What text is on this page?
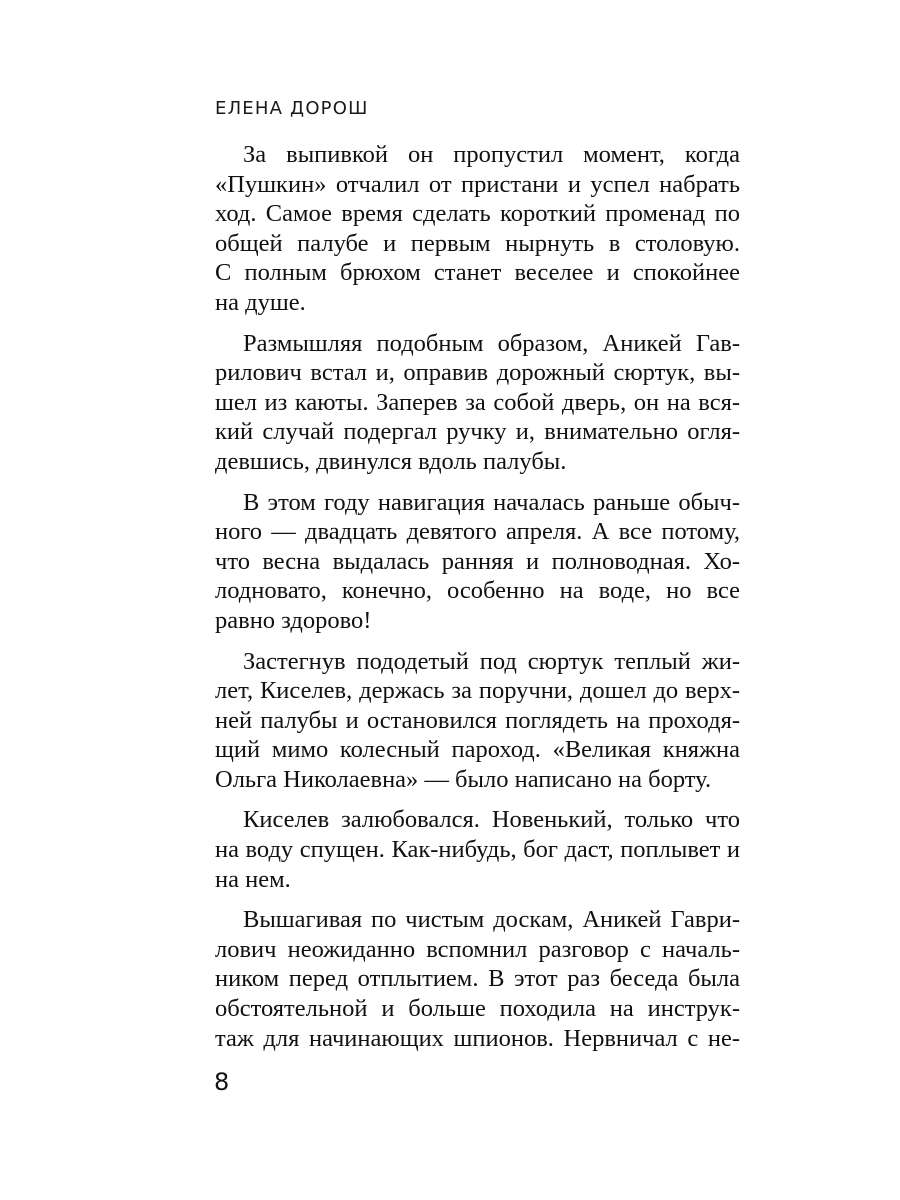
ЕЛЕНА ДОРОШ
За выпивкой он пропустил момент, когда
«Пушкин» отчалил от пристани и успел набрать
ход. Самое время сделать короткий променад по
общей палубе и первым нырнуть в столовую.
С полным брюхом станет веселее и спокойнее
на душе.
Размышляя подобным образом, Аникей Гав-
рилович встал и, оправив дорожный сюртук, вы-
шел из каюты. Заперев за собой дверь, он на вся-
кий случай подергал ручку и, внимательно огля-
девшись, двинулся вдоль палубы.
В этом году навигация началась раньше обыч-
ного — двадцать девятого апреля. А все потому,
что весна выдалась ранняя и полноводная. Хо-
лодновато, конечно, особенно на воде, но все
равно здорово!
Застегнув пододетый под сюртук теплый жи-
лет, Киселев, держась за поручни, дошел до верх-
ней палубы и остановился поглядеть на проходя-
щий мимо колесный пароход. «Великая княжна
Ольга Николаевна» — было написано на борту.
Киселев залюбовался. Новенький, только что
на воду спущен. Как-нибудь, бог даст, поплывет и
на нем.
Вышагивая по чистым доскам, Аникей Гаври-
лович неожиданно вспомнил разговор с началь-
ником перед отплытием. В этот раз беседа была
обстоятельной и больше походила на инструк-
таж для начинающих шпионов. Нервничал с не-
8
